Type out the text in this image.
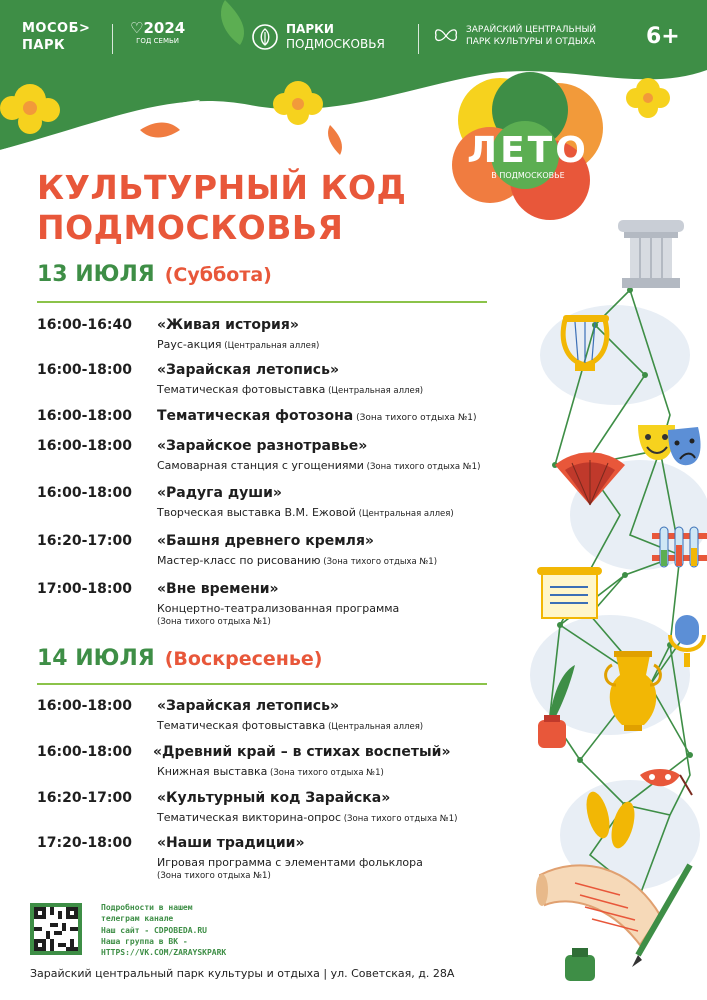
МОСОБ>
ПАРК
♡2024
ГОД СЕМЬИ
ПАРКИ
ПОДМОСКОВЬЯ
ЗАРАЙСКИЙ ЦЕНТРАЛЬНЫЙ
ПАРК КУЛЬТУРЫ И ОТДЫХА 6+
ЛЕТО
В ПОДМОСКОВЬЕ
КУЛЬТУРНЫЙ КОД
ПОДМОСКОВЬЯ
13 ИЮЛЯ (Суббота)
16:00-16:40 «Живая история»
Раус-акция (Центральная аллея)
16:00-18:00 «Зарайская летопись»
Тематическая фотовыставка (Центральная аллея)
16:00-18:00 Тематическая фотозона (Зона тихого отдыха №1)
16:00-18:00 «Зарайское разнотравье»
Самоварная станция с угощениями (Зона тихого отдыха №1)
16:00-18:00 «Радуга души»
Творческая выставка В.М. Ежовой (Центральная аллея)
16:20-17:00 «Башня древнего кремля»
Мастер-класс по рисованию (Зона тихого отдыха №1)
17:00-18:00 «Вне времени»
Концертно-театрализованная программа
(Зона тихого отдыха №1)
14 ИЮЛЯ (Воскресенье)
16:00-18:00 «Зарайская летопись»
Тематическая фотовыставка (Центральная аллея)
16:00-18:00 «Древний край – в стихах воспетый»
Книжная выставка (Зона тихого отдыха №1)
16:20-17:00 «Культурный код Зарайска»
Тематическая викторина-опрос (Зона тихого отдыха №1)
17:20-18:00 «Наши традиции»
Игровая программа с элементами фольклора
(Зона тихого отдыха №1)
Подробности в нашем
телеграм канале
Наш сайт - CDPOBEDA.RU
Наша группа в ВК -
HTTPS://VK.COM/ZARAYSKPARK
Зарайский центральный парк культуры и отдыха | ул. Советская, д. 28А
